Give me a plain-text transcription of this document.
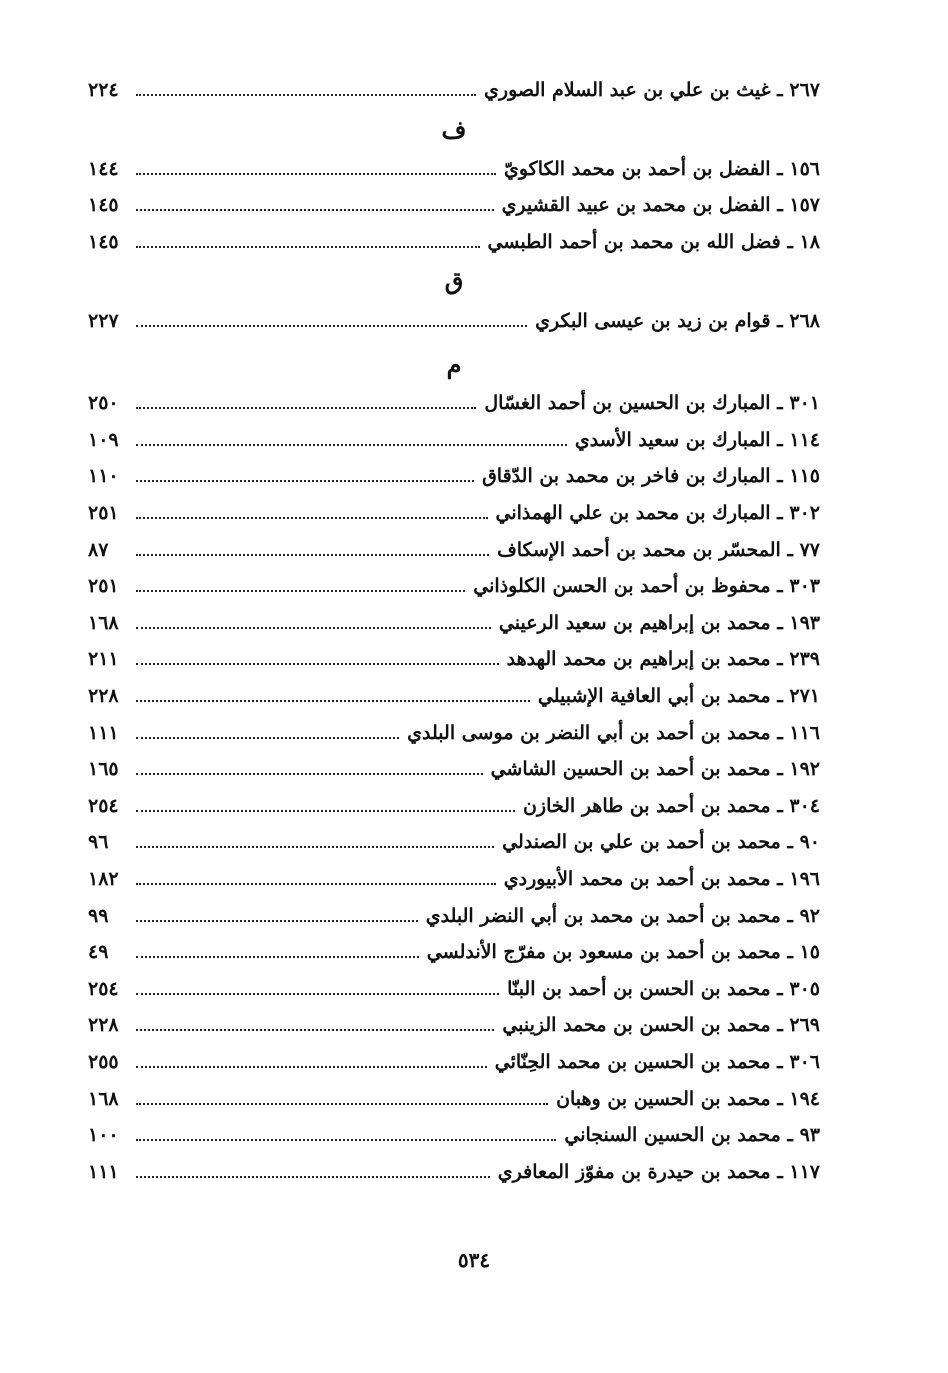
٢٦٧ ـ غيث بن علي بن عبد السلام الصوري
٢٢٤
ف
١٥٦ ـ الفضل بن أحمد بن محمد الكاكويّ
١٤٤
١٥٧ ـ الفضل بن محمد بن عبيد القشيري
١٤٥
١٨ ـ فضل الله بن محمد بن أحمد الطبسي
١٤٥
ق
٢٦٨ ـ قوام بن زيد بن عيسى البكري
٢٢٧
م
٣٠١ ـ المبارك بن الحسين بن أحمد الغسّال
٢٥٠
١١٤ ـ المبارك بن سعيد الأسدي
١٠٩
١١٥ ـ المبارك بن فاخر بن محمد بن الدّقاق
١١٠
٣٠٢ ـ المبارك بن محمد بن علي الهمذاني
٢٥١
٧٧ ـ المحسّر بن محمد بن أحمد الإسكاف
٨٧
٣٠٣ ـ محفوظ بن أحمد بن الحسن الكلوذاني
٢٥١
١٩٣ ـ محمد بن إبراهيم بن سعيد الرعيني
١٦٨
٢٣٩ ـ محمد بن إبراهيم بن محمد الهدهد
٢١١
٢٧١ ـ محمد بن أبي العافية الإشبيلي
٢٢٨
١١٦ ـ محمد بن أحمد بن أبي النضر بن موسى البلدي
١١١
١٩٢ ـ محمد بن أحمد بن الحسين الشاشي
١٦٥
٣٠٤ ـ محمد بن أحمد بن طاهر الخازن
٢٥٤
٩٠ ـ محمد بن أحمد بن علي بن الصندلي
٩٦
١٩٦ ـ محمد بن أحمد بن محمد الأبيوردي
١٨٢
٩٢ ـ محمد بن أحمد بن محمد بن أبي النضر البلدي
٩٩
١٥ ـ محمد بن أحمد بن مسعود بن مفرّج الأندلسي
٤٩
٣٠٥ ـ محمد بن الحسن بن أحمد بن البنّا
٢٥٤
٢٦٩ ـ محمد بن الحسن بن محمد الزينبي
٢٢٨
٣٠٦ ـ محمد بن الحسين بن محمد الحِنّائي
٢٥٥
١٩٤ ـ محمد بن الحسين بن وهبان
١٦٨
٩٣ ـ محمد بن الحسين السنجاني
١٠٠
١١٧ ـ محمد بن حيدرة بن مفوّز المعافري
١١١
٥٣٤
